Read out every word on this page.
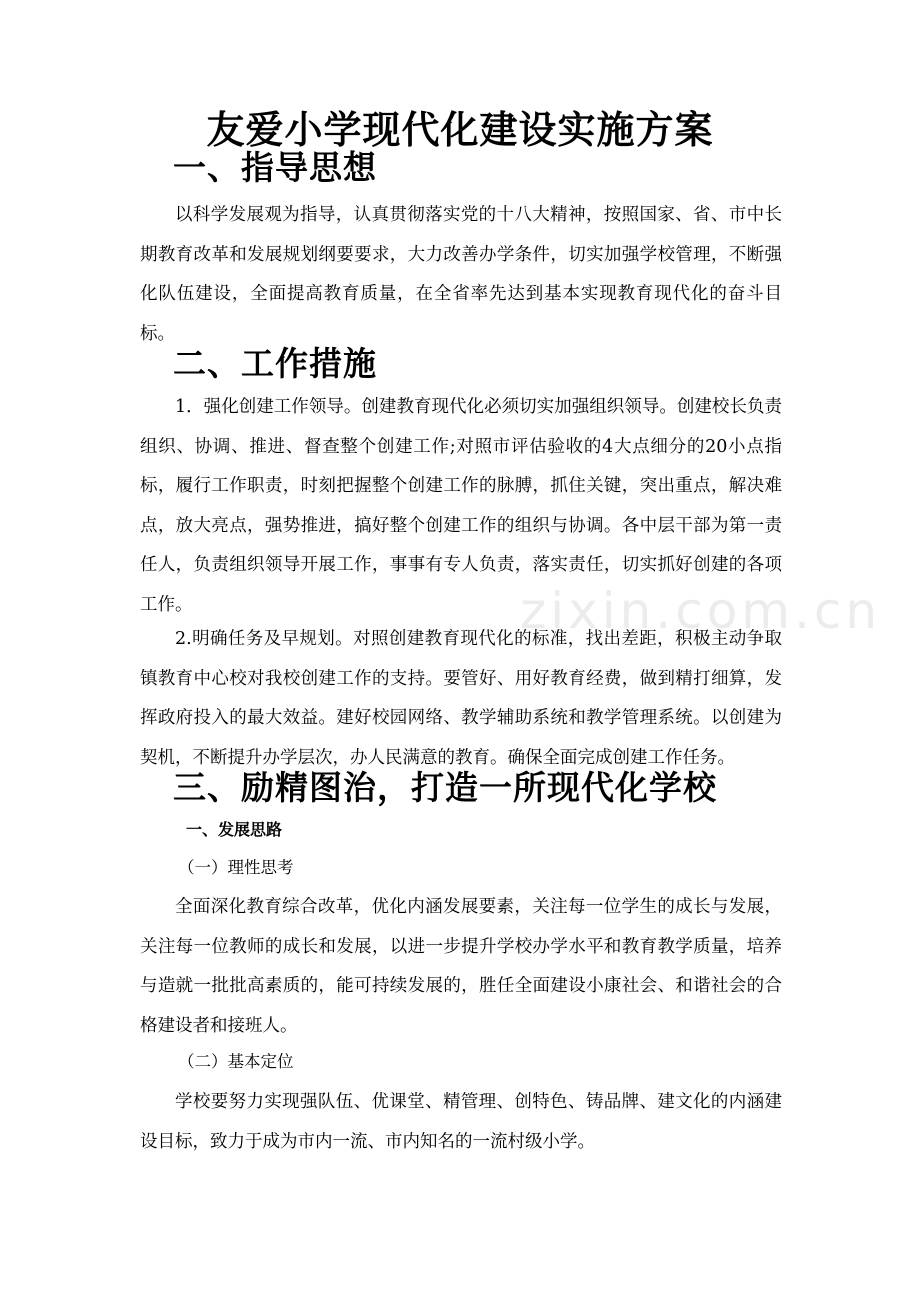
zixin.com.cn
友爱小学现代化建设实施方案
一、指导思想

以科学发展观为指导，认真贯彻落实党的十八大精神，按照国家、省、市中长期教育改革和发展规划纲要要求，大力改善办学条件，切实加强学校管理，不断强化队伍建设，全面提高教育质量，在全省率先达到基本实现教育现代化的奋斗目标。

二、工作措施

1．强化创建工作领导。创建教育现代化必须切实加强组织领导。创建校长负责组织、协调、推进、督查整个创建工作;对照市评估验收的4大点细分的20小点指标，履行工作职责，时刻把握整个创建工作的脉膊，抓住关键，突出重点，解决难点，放大亮点，强势推进，搞好整个创建工作的组织与协调。各中层干部为第一责任人，负责组织领导开展工作，事事有专人负责，落实责任，切实抓好创建的各项工作。

2.明确任务及早规划。对照创建教育现代化的标准，找出差距，积极主动争取镇教育中心校对我校创建工作的支持。要管好、用好教育经费，做到精打细算，发挥政府投入的最大效益。建好校园网络、教学辅助系统和教学管理系统。以创建为契机，不断提升办学层次，办人民满意的教育。确保全面完成创建工作任务。

三、励精图治，打造一所现代化学校
一、发展思路

（一）理性思考

全面深化教育综合改革，优化内涵发展要素，关注每一位学生的成长与发展，关注每一位教师的成长和发展，以进一步提升学校办学水平和教育教学质量，培养与造就一批批高素质的，能可持续发展的，胜任全面建设小康社会、和谐社会的合格建设者和接班人。

（二）基本定位

学校要努力实现强队伍、优课堂、精管理、创特色、铸品牌、建文化的内涵建设目标，致力于成为市内一流、市内知名的一流村级小学。
